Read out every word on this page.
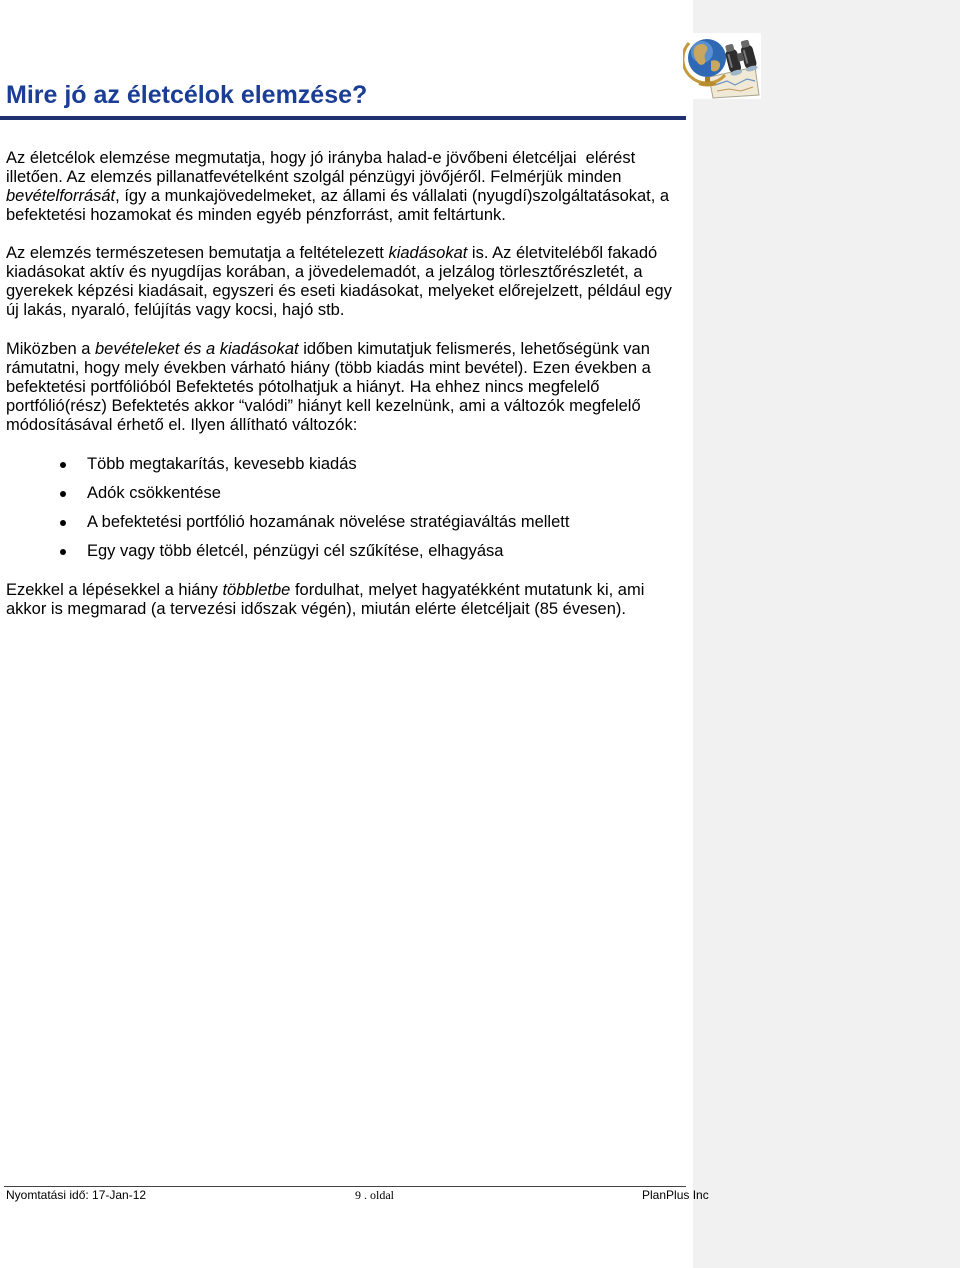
Mire jó az életcélok elemzése?
Az életcélok elemzése megmutatja, hogy jó irányba halad-e jövőbeni életcéljai  elérést
illetően. Az elemzés pillanatfevételként szolgál pénzügyi jövőjéről. Felmérjük minden
bevételforrását, így a munkajövedelmeket, az állami és vállalati (nyugdí)szolgáltatásokat, a
befektetési hozamokat és minden egyéb pénzforrást, amit feltártunk.
Az elemzés természetesen bemutatja a feltételezett kiadásokat is. Az életviteléből fakadó
kiadásokat aktív és nyugdíjas korában, a jövedelemadót, a jelzálog törlesztőrészletét, a
gyerekek képzési kiadásait, egyszeri és eseti kiadásokat, melyeket előrejelzett, például egy
új lakás, nyaraló, felújítás vagy kocsi, hajó stb.
Miközben a bevételeket és a kiadásokat időben kimutatjuk felismerés, lehetőségünk van
rámutatni, hogy mely években várható hiány (több kiadás mint bevétel). Ezen években a
befektetési portfólióból Befektetés pótolhatjuk a hiányt. Ha ehhez nincs megfelelő
portfólió(rész) Befektetés akkor “valódi” hiányt kell kezelnünk, ami a változók megfelelő
módosításával érhető el. Ilyen állítható változók:
Több megtakarítás, kevesebb kiadás
Adók csökkentése
A befektetési portfólió hozamának növelése stratégiaváltás mellett
Egy vagy több életcél, pénzügyi cél szűkítése, elhagyása
Ezekkel a lépésekkel a hiány többletbe fordulhat, melyet hagyatékként mutatunk ki, ami
akkor is megmarad (a tervezési időszak végén), miután elérte életcéljait (85 évesen).
Nyomtatási idő: 17-Jan-12	9 . oldal	PlanPlus Inc
